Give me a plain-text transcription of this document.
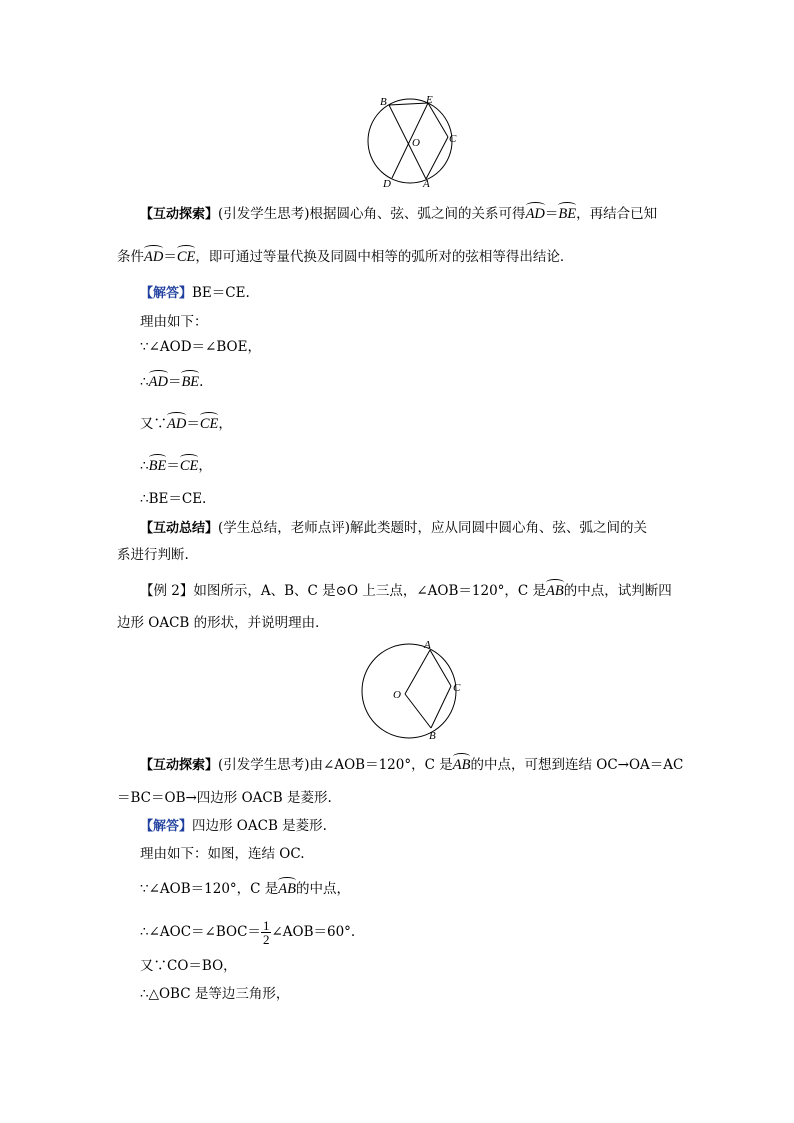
B	E
C
O
D	A
【互动探索】(引发学生思考)根据圆心角、弦、弧之间的关系可得AD＝BE，再结合已知
条件AD＝CE，即可通过等量代换及同圆中相等的弧所对的弦相等得出结论．
【解答】BE＝CE.
理由如下：
∵∠AOD＝∠BOE，
∴AD＝BE.
又∵AD＝CE，
∴BE＝CE，
∴BE＝CE.
【互动总结】(学生总结，老师点评)解此类题时，应从同圆中圆心角、弦、弧之间的关
系进行判断.
【例 2】如图所示，A、B、C 是⊙O 上三点，∠AOB＝120°，C 是AB的中点，试判断四
边形 OACB 的形状，并说明理由．
A
C
O
B
【互动探索】(引发学生思考)由∠AOB＝120°，C 是AB的中点，可想到连结 OC→OA＝AC
＝BC＝OB→四边形 OACB 是菱形.
【解答】四边形 OACB 是菱形.
理由如下：如图，连结 OC.
∵∠AOB＝120°，C 是AB的中点，
∴∠AOC＝∠BOC＝ $\frac{1}{2}$ ∠AOB＝60°.
又∵CO＝BO，
∴△OBC 是等边三角形，
